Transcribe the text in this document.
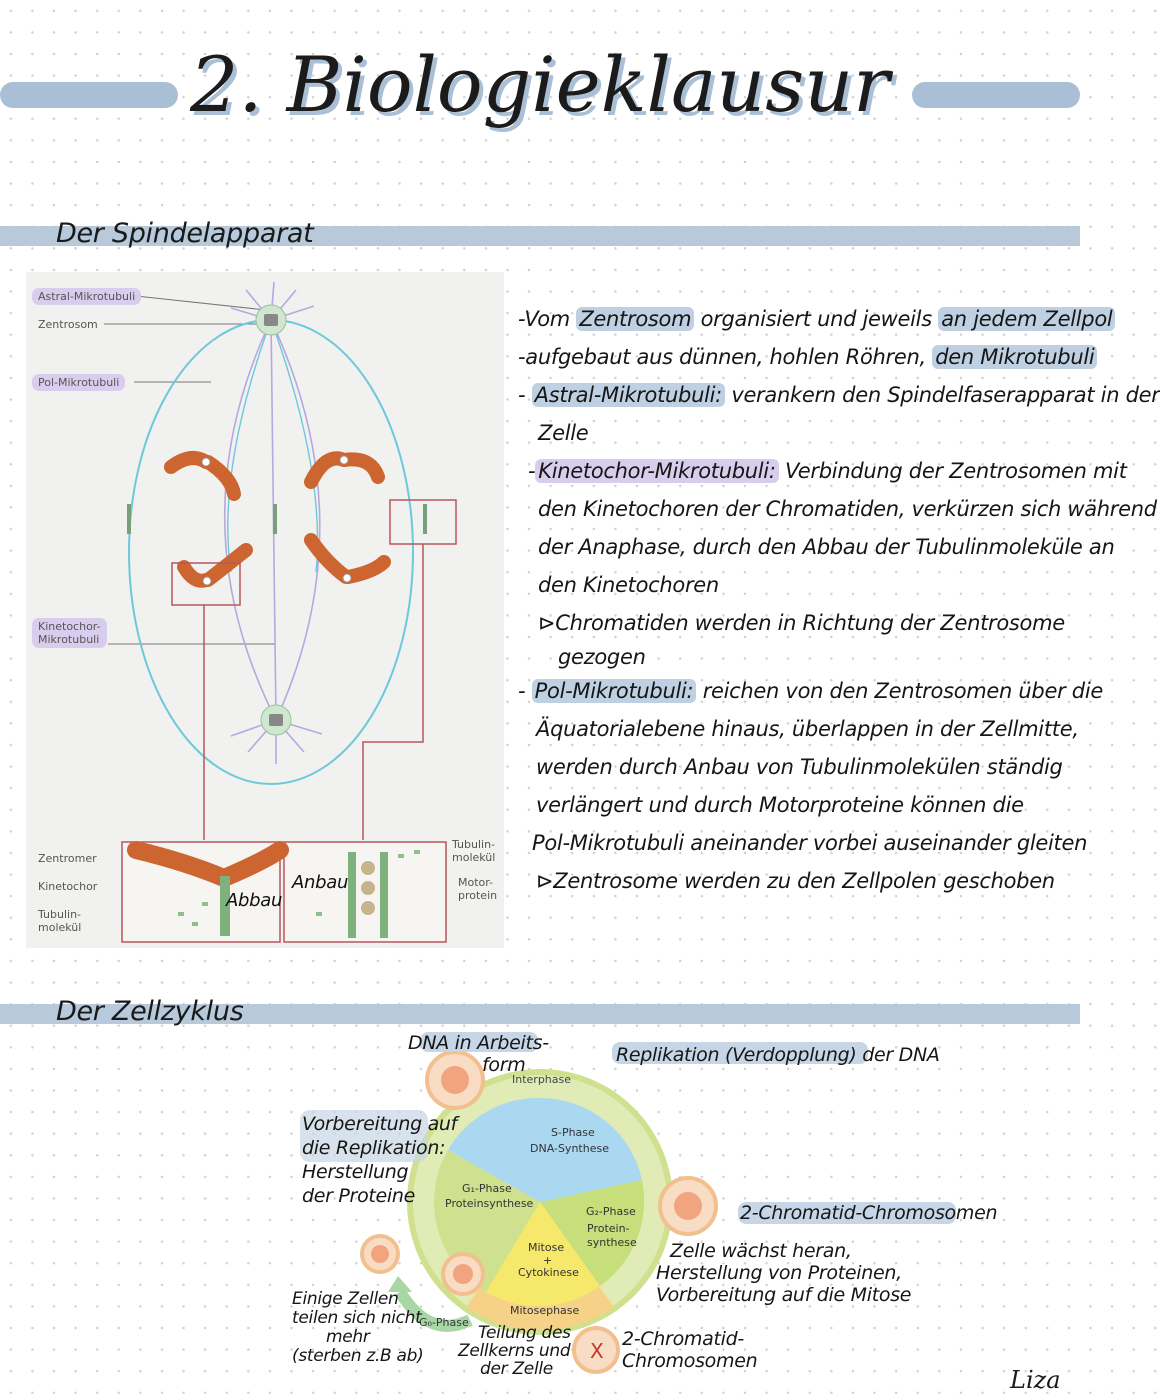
2. Biologieklausur
Der Spindelapparat
Astral-Mikrotubuli
Zentrosom
Pol-Mikrotubuli
Kinetochor-
Mikrotubuli
Zentromer
Kinetochor
Tubulin-
molekül
Tubulin-
molekül
Motor-
protein
Abbau
Anbau
-Vom Zentrosom organisiert und jeweils an jedem Zellpol
-aufgebaut aus dünnen, hohlen Röhren, den Mikrotubuli
- Astral-Mikrotubuli: verankern den Spindelfaserapparat in der
Zelle
- Kinetochor-Mikrotubuli: Verbindung der Zentrosomen mit
den Kinetochoren der Chromatiden, verkürzen sich während
der Anaphase, durch den Abbau der Tubulinmoleküle an
den Kinetochoren
⊳Chromatiden werden in Richtung der Zentrosome
gezogen
- Pol-Mikrotubuli: reichen von den Zentrosomen über die
Äquatorialebene hinaus, überlappen in der Zellmitte,
werden durch Anbau von Tubulinmolekülen ständig
verlängert und durch Motorproteine können die
Pol-Mikrotubuli aneinander vorbei auseinander gleiten
⊳Zentrosome werden zu den Zellpolen geschoben
Der Zellzyklus
X
Interphase
S-Phase
DNA-Synthese
G₁-Phase
Proteinsynthese
G₂-Phase
Protein-
synthese
Mitose
+
Cytokinese
Mitosephase
G₀-Phase
DNA in Arbeits-
form	Replikation (Verdopplung) der DNA
Vorbereitung auf
die Replikation:
Herstellung
der Proteine
2-Chromatid-Chromosomen
Zelle wächst heran,
Herstellung von Proteinen,
Vorbereitung auf die Mitose
Einige Zellen
teilen sich nicht
mehr
(sterben z.B ab)
Teilung des
Zellkerns und
der Zelle
2-Chromatid-
Chromosomen
Liza
